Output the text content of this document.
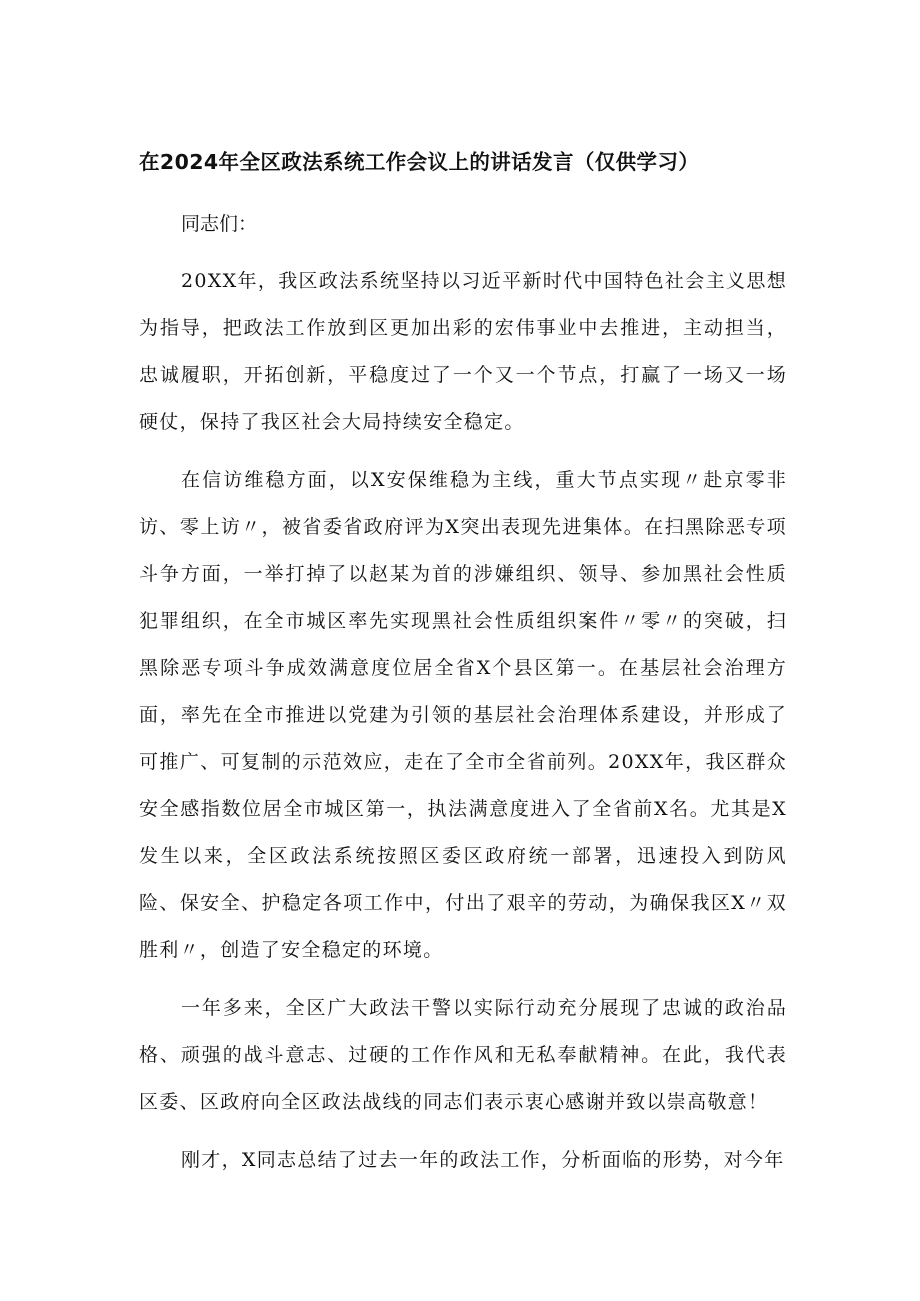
在2024年全区政法系统工作会议上的讲话发言（仅供学习）

同志们：

20XX年，我区政法系统坚持以习近平新时代中国特色社会主义思想为指导，把政法工作放到区更加出彩的宏伟事业中去推进，主动担当，忠诚履职，开拓创新，平稳度过了一个又一个节点，打赢了一场又一场硬仗，保持了我区社会大局持续安全稳定。

在信访维稳方面，以X安保维稳为主线，重大节点实现〃赴京零非访、零上访〃，被省委省政府评为X突出表现先进集体。在扫黑除恶专项斗争方面，一举打掉了以赵某为首的涉嫌组织、领导、参加黑社会性质犯罪组织，在全市城区率先实现黑社会性质组织案件〃零〃的突破，扫黑除恶专项斗争成效满意度位居全省X个县区第一。在基层社会治理方面，率先在全市推进以党建为引领的基层社会治理体系建设，并形成了可推广、可复制的示范效应，走在了全市全省前列。20XX年，我区群众安全感指数位居全市城区第一，执法满意度进入了全省前X名。尤其是X发生以来，全区政法系统按照区委区政府统一部署，迅速投入到防风险、保安全、护稳定各项工作中，付出了艰辛的劳动，为确保我区X〃双胜利〃，创造了安全稳定的环境。

一年多来，全区广大政法干警以实际行动充分展现了忠诚的政治品格、顽强的战斗意志、过硬的工作作风和无私奉献精神。在此，我代表区委、区政府向全区政法战线的同志们表示衷心感谢并致以崇高敬意！

刚才，X同志总结了过去一年的政法工作，分析面临的形势，对今年
